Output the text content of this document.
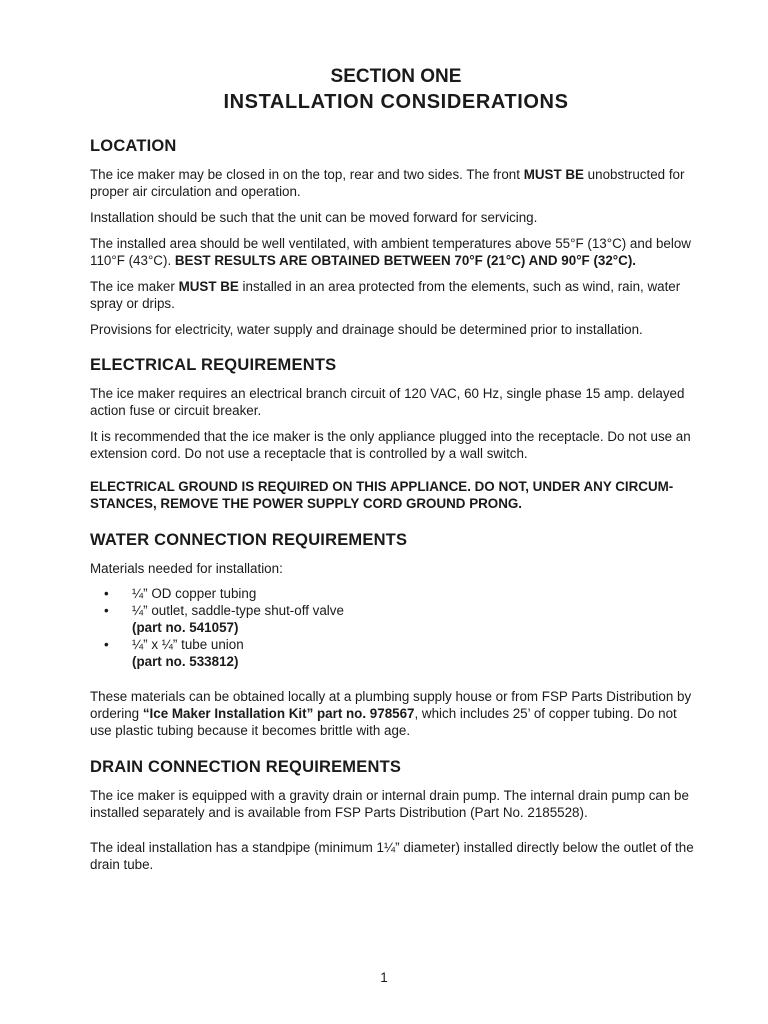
SECTION ONE
INSTALLATION CONSIDERATIONS
LOCATION

The ice maker may be closed in on the top, rear and two sides. The front MUST BE unobstructed for proper air circulation and operation.

Installation should be such that the unit can be moved forward for servicing.

The installed area should be well ventilated, with ambient temperatures above 55°F (13°C) and below 110°F (43°C). BEST RESULTS ARE OBTAINED BETWEEN 70°F (21°C) AND 90°F (32°C).

The ice maker MUST BE installed in an area protected from the elements, such as wind, rain, water spray or drips.

Provisions for electricity, water supply and drainage should be determined prior to installation.

ELECTRICAL REQUIREMENTS

The ice maker requires an electrical branch circuit of 120 VAC, 60 Hz, single phase 15 amp. delayed action fuse or circuit breaker.

It is recommended that the ice maker is the only appliance plugged into the receptacle. Do not use an extension cord. Do not use a receptacle that is controlled by a wall switch.

ELECTRICAL GROUND IS REQUIRED ON THIS APPLIANCE. DO NOT, UNDER ANY CIRCUM-STANCES, REMOVE THE POWER SUPPLY CORD GROUND PRONG.

WATER CONNECTION REQUIREMENTS

Materials needed for installation:

• ¼” OD copper tubing
• ¼” outlet, saddle-type shut-off valve
(part no. 541057)
• ¼” x ¼” tube union
(part no. 533812)

These materials can be obtained locally at a plumbing supply house or from FSP Parts Distribution by ordering “Ice Maker Installation Kit” part no. 978567, which includes 25’ of copper tubing. Do not use plastic tubing because it becomes brittle with age.

DRAIN CONNECTION REQUIREMENTS

The ice maker is equipped with a gravity drain or internal drain pump. The internal drain pump can be installed separately and is available from FSP Parts Distribution (Part No. 2185528).

The ideal installation has a standpipe (minimum 1¼” diameter) installed directly below the outlet of the drain tube.

1
